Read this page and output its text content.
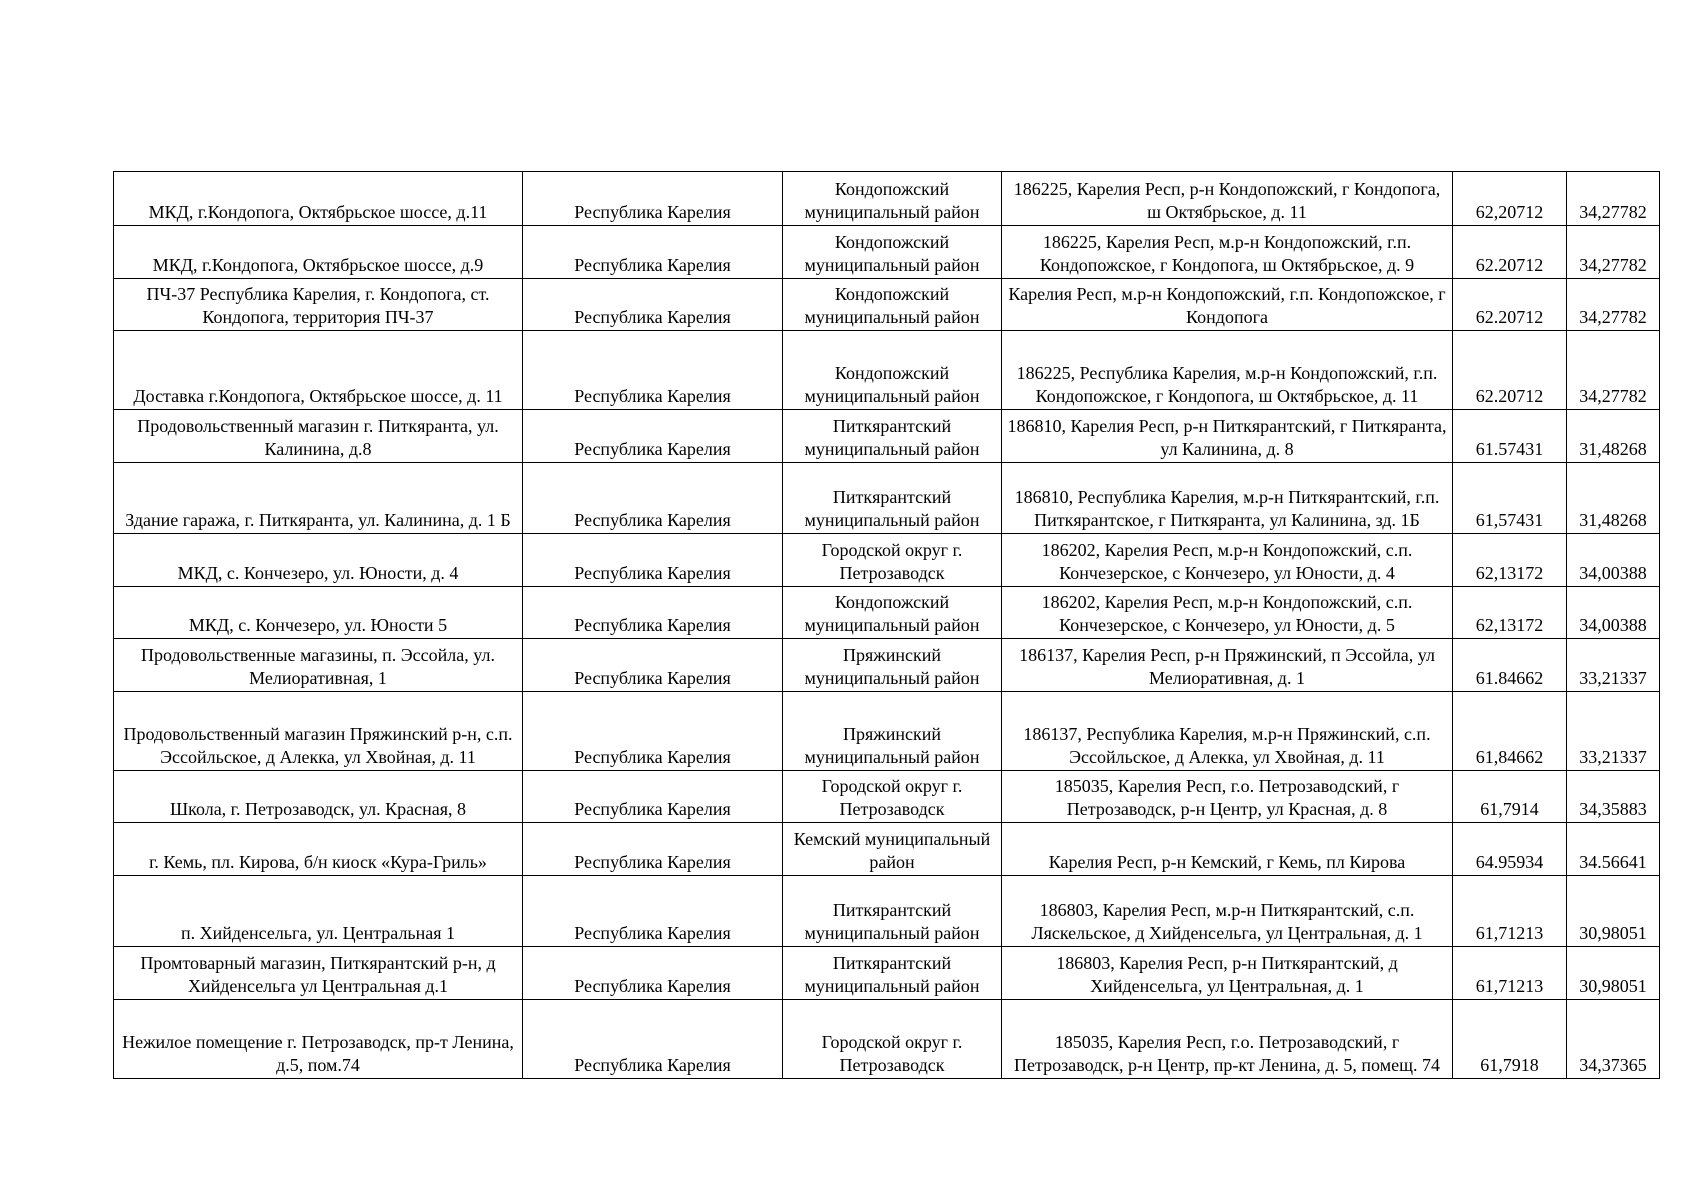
МКД, г.Кондопога, Октябрьское шоссе, д.11	Республика Карелия	Кондопожский муниципальный район	186225, Карелия Респ, р-н Кондопожский, г Кондопога, ш Октябрьское, д. 11	62,20712	34,27782
МКД, г.Кондопога, Октябрьское шоссе, д.9	Республика Карелия	Кондопожский муниципальный район	186225, Карелия Респ, м.р-н Кондопожский, г.п. Кондопожское, г Кондопога, ш Октябрьское, д. 9	62.20712	34,27782
ПЧ-37 Республика Карелия, г. Кондопога, ст. Кондопога, территория ПЧ-37	Республика Карелия	Кондопожский муниципальный район	Карелия Респ, м.р-н Кондопожский, г.п. Кондопожское, г Кондопога	62.20712	34,27782
Доставка г.Кондопога, Октябрьское шоссе, д. 11	Республика Карелия	Кондопожский муниципальный район	186225, Республика Карелия, м.р-н Кондопожский, г.п. Кондопожское, г Кондопога, ш Октябрьское, д. 11	62.20712	34,27782
Продовольственный магазин г. Питкяранта, ул. Калинина, д.8	Республика Карелия	Питкярантский муниципальный район	186810, Карелия Респ, р-н Питкярантский, г Питкяранта, ул Калинина, д. 8	61.57431	31,48268
Здание гаража, г. Питкяранта, ул. Калинина, д. 1 Б	Республика Карелия	Питкярантский муниципальный район	186810, Республика Карелия, м.р-н Питкярантский, г.п. Питкярантское, г Питкяранта, ул Калинина, зд. 1Б	61,57431	31,48268
МКД, с. Кончезеро, ул. Юности, д. 4	Республика Карелия	Городской округ г. Петрозаводск	186202, Карелия Респ, м.р-н Кондопожский, с.п. Кончезерское, с Кончезеро, ул Юности, д. 4	62,13172	34,00388
МКД, с. Кончезеро, ул. Юности 5	Республика Карелия	Кондопожский муниципальный район	186202, Карелия Респ, м.р-н Кондопожский, с.п. Кончезерское, с Кончезеро, ул Юности, д. 5	62,13172	34,00388
Продовольственные магазины, п. Эссойла, ул. Мелиоративная, 1	Республика Карелия	Пряжинский муниципальный район	186137, Карелия Респ, р-н Пряжинский, п Эссойла, ул Мелиоративная, д. 1	61.84662	33,21337
Продовольственный магазин Пряжинский р-н, с.п. Эссойльское, д Алекка, ул Хвойная, д. 11	Республика Карелия	Пряжинский муниципальный район	186137, Республика Карелия, м.р-н Пряжинский, с.п. Эссойльское, д Алекка, ул Хвойная, д. 11	61,84662	33,21337
Школа, г. Петрозаводск, ул. Красная, 8	Республика Карелия	Городской округ г. Петрозаводск	185035, Карелия Респ, г.о. Петрозаводский, г Петрозаводск, р-н Центр, ул Красная, д. 8	61,7914	34,35883
г. Кемь, пл. Кирова, б/н киоск «Кура-Гриль»	Республика Карелия	Кемский муниципальный район	Карелия Респ, р-н Кемский, г Кемь, пл Кирова	64.95934	34.56641
п. Хийденсельга, ул. Центральная 1	Республика Карелия	Питкярантский муниципальный район	186803, Карелия Респ, м.р-н Питкярантский, с.п. Ляскельское, д Хийденсельга, ул Центральная, д. 1	61,71213	30,98051
Промтоварный магазин, Питкярантский р-н, д Хийденсельга ул Центральная д.1	Республика Карелия	Питкярантский муниципальный район	186803, Карелия Респ, р-н Питкярантский, д Хийденсельга, ул Центральная, д. 1	61,71213	30,98051
Нежилое помещение г. Петрозаводск, пр-т Ленина, д.5, пом.74	Республика Карелия	Городской округ г. Петрозаводск	185035, Карелия Респ, г.о. Петрозаводский, г Петрозаводск, р-н Центр, пр-кт Ленина, д. 5, помещ. 74	61,7918	34,37365
